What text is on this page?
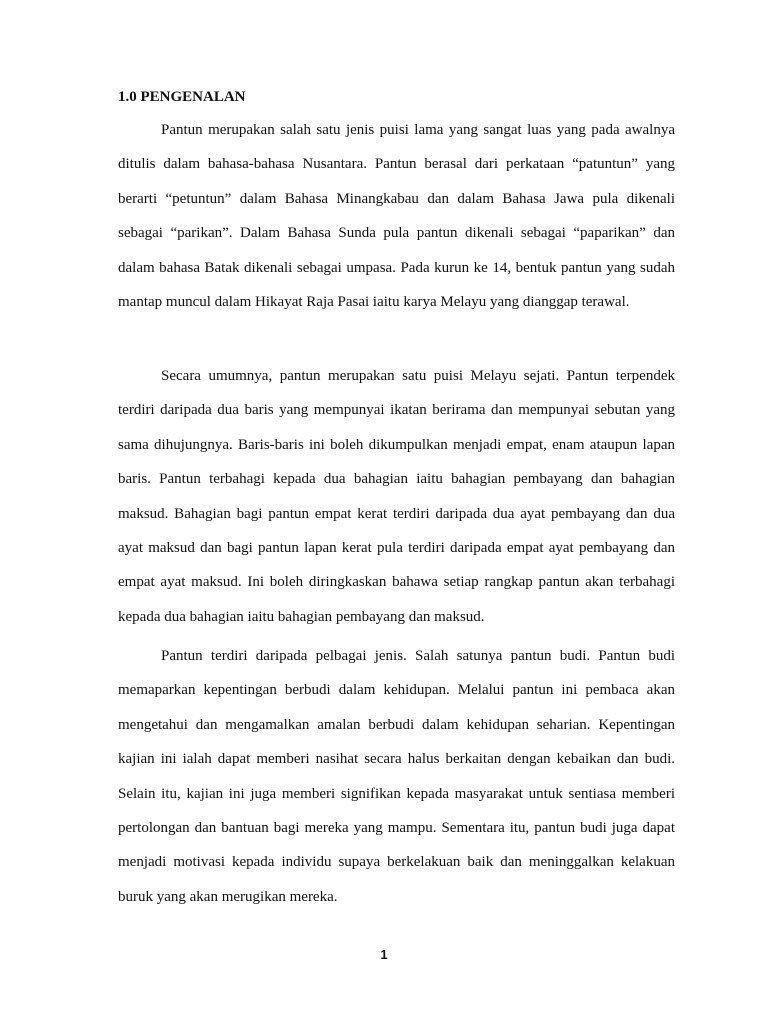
1.0 PENGENALAN

Pantun merupakan salah satu jenis puisi lama yang sangat luas yang pada awalnya ditulis dalam bahasa-bahasa Nusantara. Pantun berasal dari perkataan “patuntun” yang berarti “petuntun” dalam Bahasa Minangkabau dan dalam Bahasa Jawa pula dikenali sebagai “parikan”. Dalam Bahasa Sunda pula pantun dikenali sebagai “paparikan” dan dalam bahasa Batak dikenali sebagai umpasa. Pada kurun ke 14, bentuk pantun yang sudah mantap muncul dalam Hikayat Raja Pasai iaitu karya Melayu yang dianggap terawal.

Secara umumnya, pantun merupakan satu puisi Melayu sejati. Pantun terpendek terdiri daripada dua baris yang mempunyai ikatan berirama dan mempunyai sebutan yang sama dihujungnya. Baris-baris ini boleh dikumpulkan menjadi empat, enam ataupun lapan baris. Pantun terbahagi kepada dua bahagian iaitu bahagian pembayang dan bahagian maksud. Bahagian bagi pantun empat kerat terdiri daripada dua ayat pembayang dan dua ayat maksud dan bagi pantun lapan kerat pula terdiri daripada empat ayat pembayang dan empat ayat maksud. Ini boleh diringkaskan bahawa setiap rangkap pantun akan terbahagi kepada dua bahagian iaitu bahagian pembayang dan maksud.

Pantun terdiri daripada pelbagai jenis. Salah satunya pantun budi. Pantun budi memaparkan kepentingan berbudi dalam kehidupan. Melalui pantun ini pembaca akan mengetahui dan mengamalkan amalan berbudi dalam kehidupan seharian. Kepentingan kajian ini ialah dapat memberi nasihat secara halus berkaitan dengan kebaikan dan budi. Selain itu, kajian ini juga memberi signifikan kepada masyarakat untuk sentiasa memberi pertolongan dan bantuan bagi mereka yang mampu. Sementara itu, pantun budi juga dapat menjadi motivasi kepada individu supaya berkelakuan baik dan meninggalkan kelakuan buruk yang akan merugikan mereka.

1
